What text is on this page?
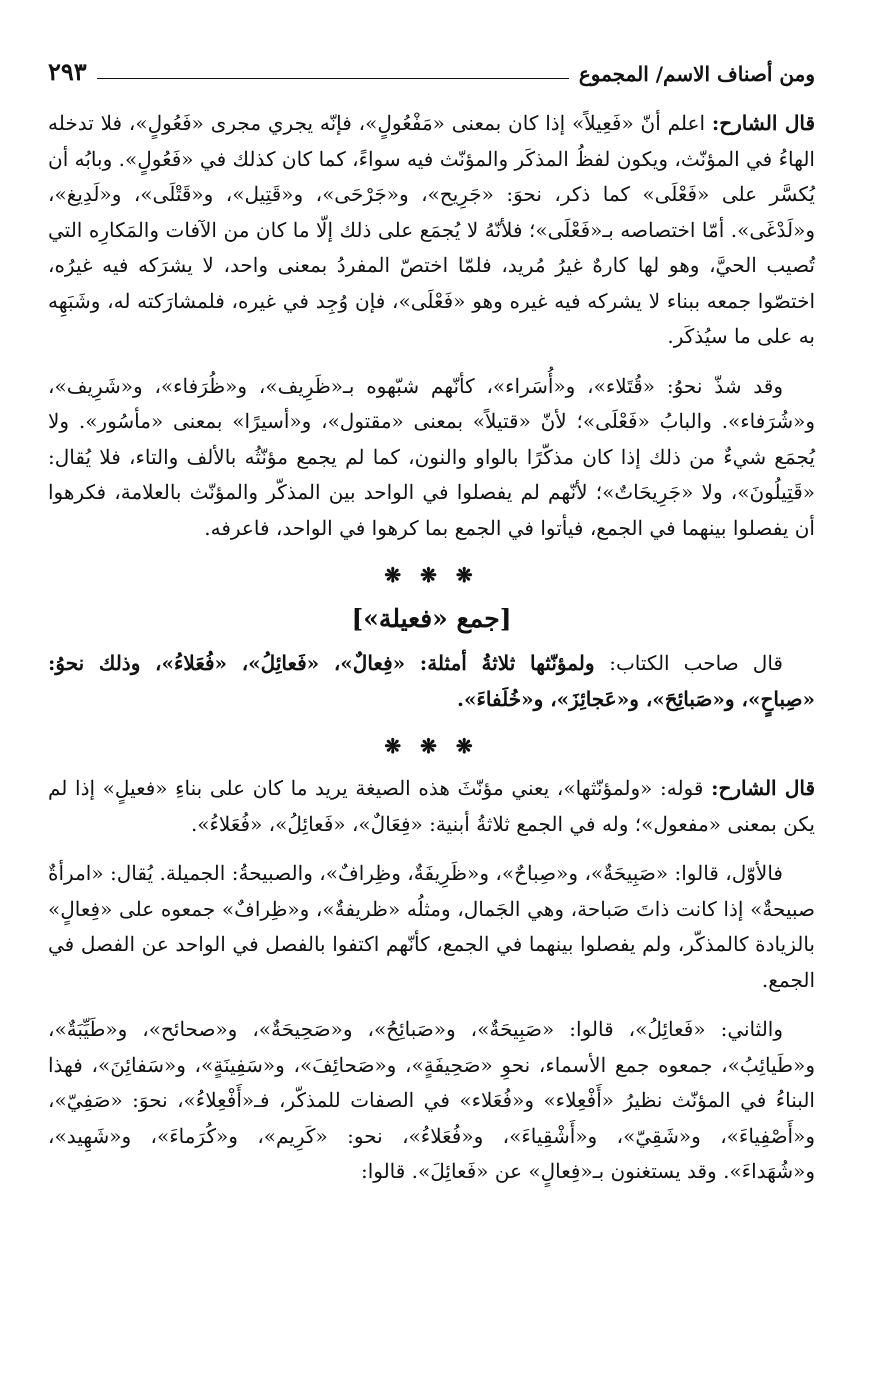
ومن أصناف الاسم/ المجموع
٢٩٣

قال الشارح: اعلم أنّ «فَعِيلاً» إذا كان بمعنى «مَفْعُولٍ»، فإنّه يجري مجرى «فَعُولٍ»، فلا تدخله الهاءُ في المؤنّث، ويكون لفظُ المذكَر والمؤنّث فيه سواءً، كما كان كذلك في «فَعُولٍ». وبابُه أن يُكسَّر على «فَعْلَى» كما ذكر، نحوَ: «جَرِيح»، و«جَرْحَى»، و«قَتِيل»، و«قَتْلَى»، و«لَدِيغ»، و«لَدْغَى». أمّا اختصاصه بـ«فَعْلَى»؛ فلأنّهُ لا يُجمَع على ذلك إلّا ما كان من الآفات والمَكارِه التي تُصيب الحيَّ، وهو لها كارهٌ غيرُ مُريد، فلمّا اختصّ المفردُ بمعنى واحد، لا يشرَكه فيه غيرُه، اختصّوا جمعه ببناء لا يشركه فيه غيره وهو «فَعْلَى»، فإن وُجِد في غيره، فلمشارَكته له، وشَبَهِه به على ما سيُذكَر.

وقد شذّ نحوُ: «قُتَلاء»، و«أُسَراء»، كأنّهم شبّهوه بـ«ظَرِيف»، و«ظُرَفاء»، و«شَرِيف»، و«شُرَفاء». والبابُ «فَعْلَى»؛ لأنّ «قتيلاً» بمعنى «مقتول»، و«أسيرًا» بمعنى «مأسُور». ولا يُجمَع شيءٌ من ذلك إذا كان مذكّرًا بالواو والنون، كما لم يجمع مؤنّثُه بالألف والتاء، فلا يُقال: «قَتِيلُونَ»، ولا «جَرِيحَاتٌ»؛ لأنّهم لم يفصلوا في الواحد بين المذكّر والمؤنّث بالعلامة، فكرهوا أن يفصلوا بينهما في الجمع، فيأتوا في الجمع بما كرهوا في الواحد، فاعرفه.

❋ ❋ ❋
[جمع «فعيلة»]

قال صاحب الكتاب: ولمؤنّثها ثلاثةُ أمثلة: «فِعالٌ»، «فَعائِلُ»، «فُعَلاءُ»، وذلك نحوُ: «صِباحٍ»، و«صَبائِحَ»، و«عَجائِزَ»، و«خُلَفاءَ».

❋ ❋ ❋

قال الشارح: قوله: «ولمؤنّثها»، يعني مؤنّثَ هذه الصيغة يريد ما كان على بناءِ «فعيلٍ» إذا لم يكن بمعنى «مفعول»؛ وله في الجمع ثلاثةُ أبنية: «فِعَالٌ»، «فَعائِلُ»، «فُعَلاءُ».

فالأوّل، قالوا: «صَبِيحَةٌ»، و«صِباحٌ»، و«ظَرِيفَةٌ، وظِرافٌ»، والصبيحةُ: الجميلة. يُقال: «امرأةٌ صبيحةٌ» إذا كانت ذاتَ صَباحة، وهي الجَمال، ومثلُه «ظريفةٌ»، و«ظِرافٌ» جمعوه على «فِعالٍ» بالزيادة كالمذكّر، ولم يفصلوا بينهما في الجمع، كأنّهم اكتفوا بالفصل في الواحد عن الفصل في الجمع.

والثاني: «فَعائِلُ»، قالوا: «صَبِيحَةٌ»، و«صَبائِحُ»، و«صَحِيحَةٌ»، و«صحائح»، و«طَيِّبَةٌ»، و«طَيائِبُ»، جمعوه جمع الأسماء، نحوِ «صَحِيفَةٍ»، و«صَحائِفَ»، و«سَفِينَةٍ»، و«سَفائِنَ»، فهذا البناءُ في المؤنّث نظيرُ «أَفْعِلاء» و«فُعَلاء» في الصفات للمذكّر، فـ«أَفْعِلاءُ»، نحوَ: «صَفِيّ»، و«أَصْفِياءَ»، و«شَقِيّ»، و«أَشْقِياءَ»، و«فُعَلاءُ»، نحو: «كَرِيم»، و«كُرَماءَ»، و«شَهِيد»، و«شُهَداءَ». وقد يستغنون بـ«فِعالٍ» عن «فَعائِلَ». قالوا:
